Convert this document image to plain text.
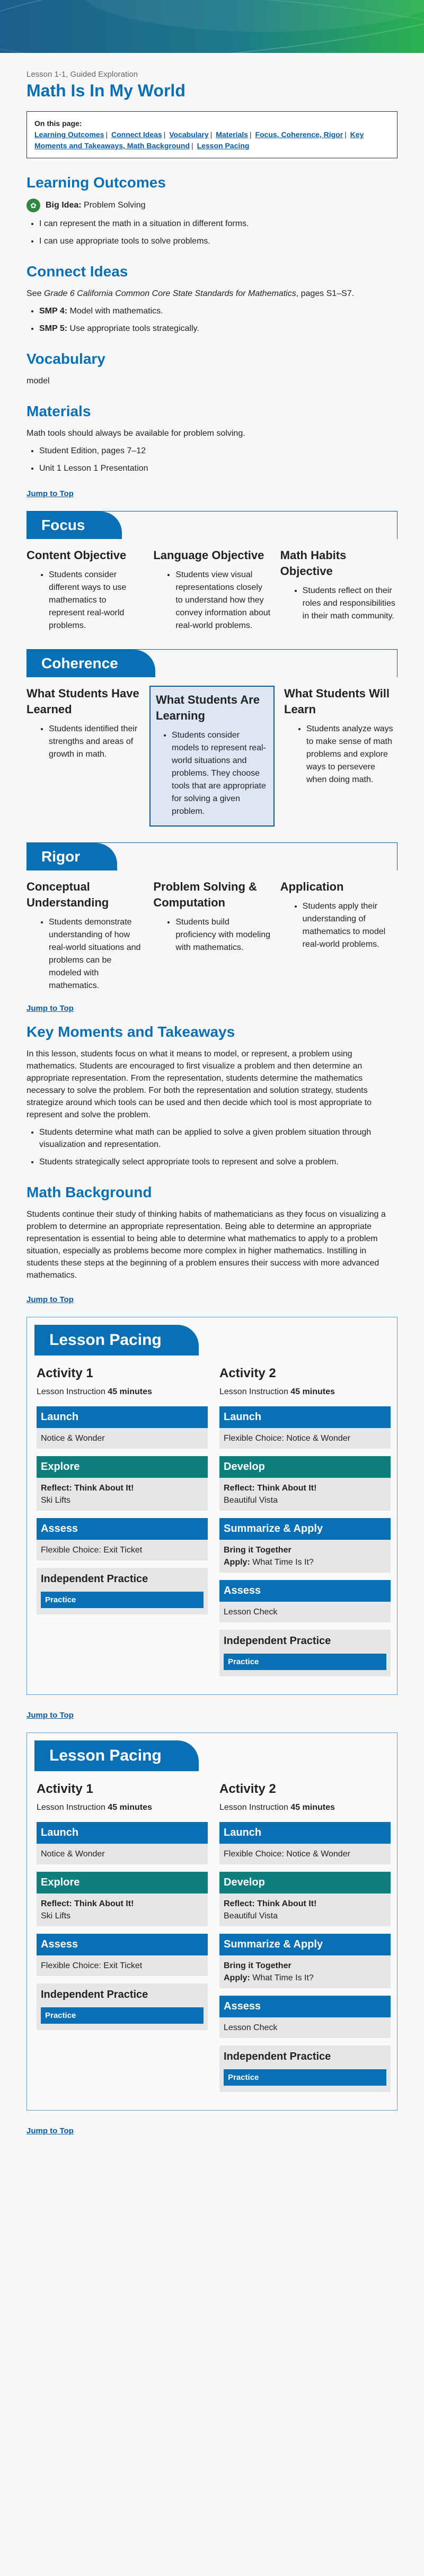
Lesson 1-1, Guided Exploration
Math Is In My World
On this page:
Learning Outcomes | Connect Ideas | Vocabulary | Materials | Focus, Coherence, Rigor | Key Moments and Takeaways, Math Background | Lesson Pacing
Learning Outcomes
✿	Big Idea:
Problem Solving
• I can represent the math in a situation in different forms.
• I can use appropriate tools to solve problems.
Connect Ideas

See Grade 6 California Common Core State Standards for Mathematics, pages S1–S7.

• SMP 4: Model with mathematics.
• SMP 5: Use appropriate tools strategically.
Vocabulary

model

Materials

Math tools should always be available for problem solving.

• Student Edition, pages 7–12
• Unit 1 Lesson 1 Presentation
Jump to Top
Focus
Content Objective
• Students consider different ways to use mathematics to represent real-world problems.
Language Objective
• Students view visual representations closely to understand how they convey information about real-world problems.
Math Habits Objective
• Students reflect on their roles and responsibilities in their math community.
Coherence
What Students Have Learned
• Students identified their strengths and areas of growth in math.
What Students Are Learning
• Students consider models to represent real-world situations and problems. They choose tools that are appropriate for solving a given problem.
What Students Will Learn
• Students analyze ways to make sense of math problems and explore ways to persevere when doing math.
Rigor
Conceptual Understanding
• Students demonstrate understanding of how real-world situations and problems can be modeled with mathematics.
Problem Solving & Computation
• Students build proficiency with modeling with mathematics.
Application
• Students apply their understanding of mathematics to model real-world problems.
Jump to Top
Key Moments and Takeaways

In this lesson, students focus on what it means to model, or represent, a problem using mathematics. Students are encouraged to first visualize a problem and then determine an appropriate representation. From the representation, students determine the mathematics necessary to solve the problem. For both the representation and solution strategy, students strategize around which tools can be used and then decide which tool is most appropriate to represent and solve the problem.

• Students determine what math can be applied to solve a given problem situation through visualization and representation.
• Students strategically select appropriate tools to represent and solve a problem.
Math Background

Students continue their study of thinking habits of mathematicians as they focus on visualizing a problem to determine an appropriate representation. Being able to determine an appropriate representation is essential to being able to determine what mathematics to apply to a problem situation, especially as problems become more complex in higher mathematics. Instilling in students these steps at the beginning of a problem ensures their success with more advanced mathematics.

Jump to Top
Lesson Pacing
Activity 1
Lesson Instruction 45 minutes
Launch
Notice & Wonder
Explore
Reflect: Think About It!
Ski Lifts
Assess
Flexible Choice: Exit Ticket
Independent Practice
Practice
Activity 2
Lesson Instruction 45 minutes
Launch
Flexible Choice: Notice & Wonder
Develop
Reflect: Think About It!
Beautiful Vista
Summarize & Apply
Bring it Together
Apply: What Time Is It?
Assess
Lesson Check
Independent Practice
Practice
Jump to Top
Lesson Pacing
Activity 1
Lesson Instruction 45 minutes
Launch
Notice & Wonder
Explore
Reflect: Think About It!
Ski Lifts
Assess
Flexible Choice: Exit Ticket
Independent Practice
Practice
Activity 2
Lesson Instruction 45 minutes
Launch
Flexible Choice: Notice & Wonder
Develop
Reflect: Think About It!
Beautiful Vista
Summarize & Apply
Bring it Together
Apply: What Time Is It?
Assess
Lesson Check
Independent Practice
Practice
Jump to Top
